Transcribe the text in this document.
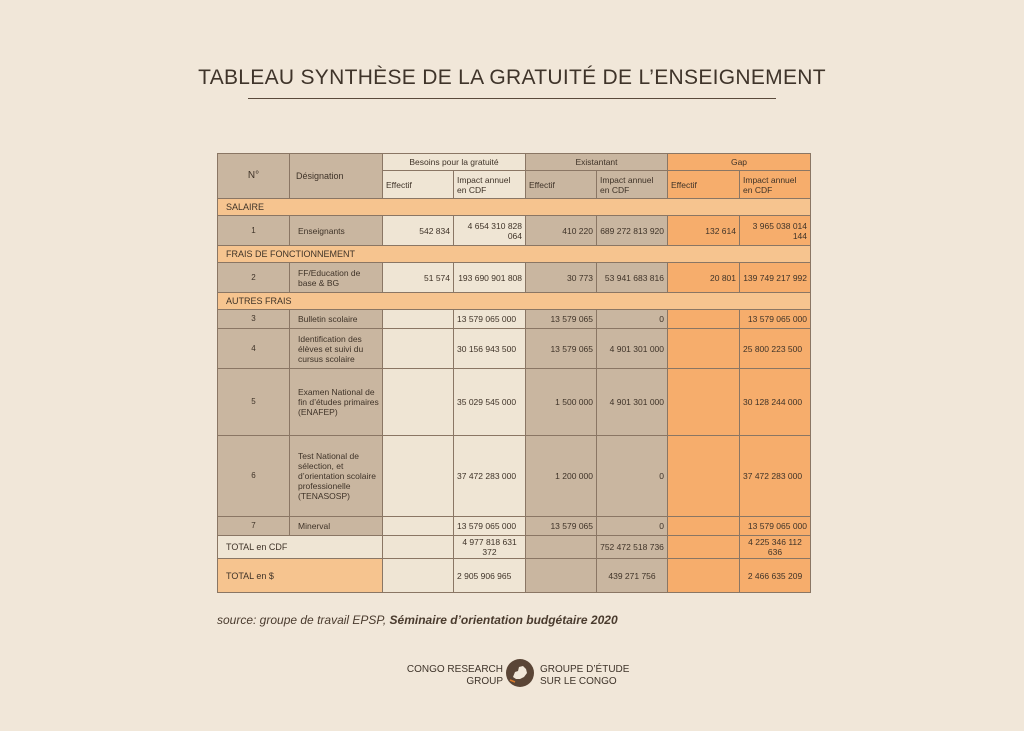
TABLEAU SYNTHÈSE DE LA GRATUITÉ DE L’ENSEIGNEMENT
N°	Désignation	Besoins pour la gratuité		Existantant		Gap	
		Effectif	Impact annuel en CDF	Effectif	Impact annuel en CDF	Effectif	Impact annuel en CDF
SALAIRE							
1	Enseignants	542 834	4 654 310 828 064	410 220	689 272 813 920	132 614	3 965 038 014 144
FRAIS DE FONCTIONNEMENT							
2	FF/Education de base & BG	51 574	193 690 901 808	30 773	53 941 683 816	20 801	139 749 217 992
AUTRES FRAIS							
3	Bulletin scolaire		13 579 065 000	13 579 065	0		13 579 065 000
4	Identification des élèves et suivi du cursus scolaire		30 156 943 500	13 579 065	4 901 301 000		25 800 223 500
5	Examen National de fin d’études primaires (ENAFEP)		35 029 545 000	1 500 000	4 901 301 000		30 128 244 000
6	Test National de sélection, et d’orientation scolaire professionelle (TENASOSP)		37 472 283 000	1 200 000	0		37 472 283 000
7	Minerval		13 579 065 000	13 579 065	0		13 579 065 000
TOTAL en CDF			4 977 818 631 372		752 472 518 736		4 225 346 112 636
TOTAL en $			2 905 906 965		439 271 756		2 466 635 209
source: groupe de travail EPSP, Séminaire d’orientation budgétaire 2020
CONGO RESEARCH
GROUP
GROUPE D’ÉTUDE
SUR LE CONGO
